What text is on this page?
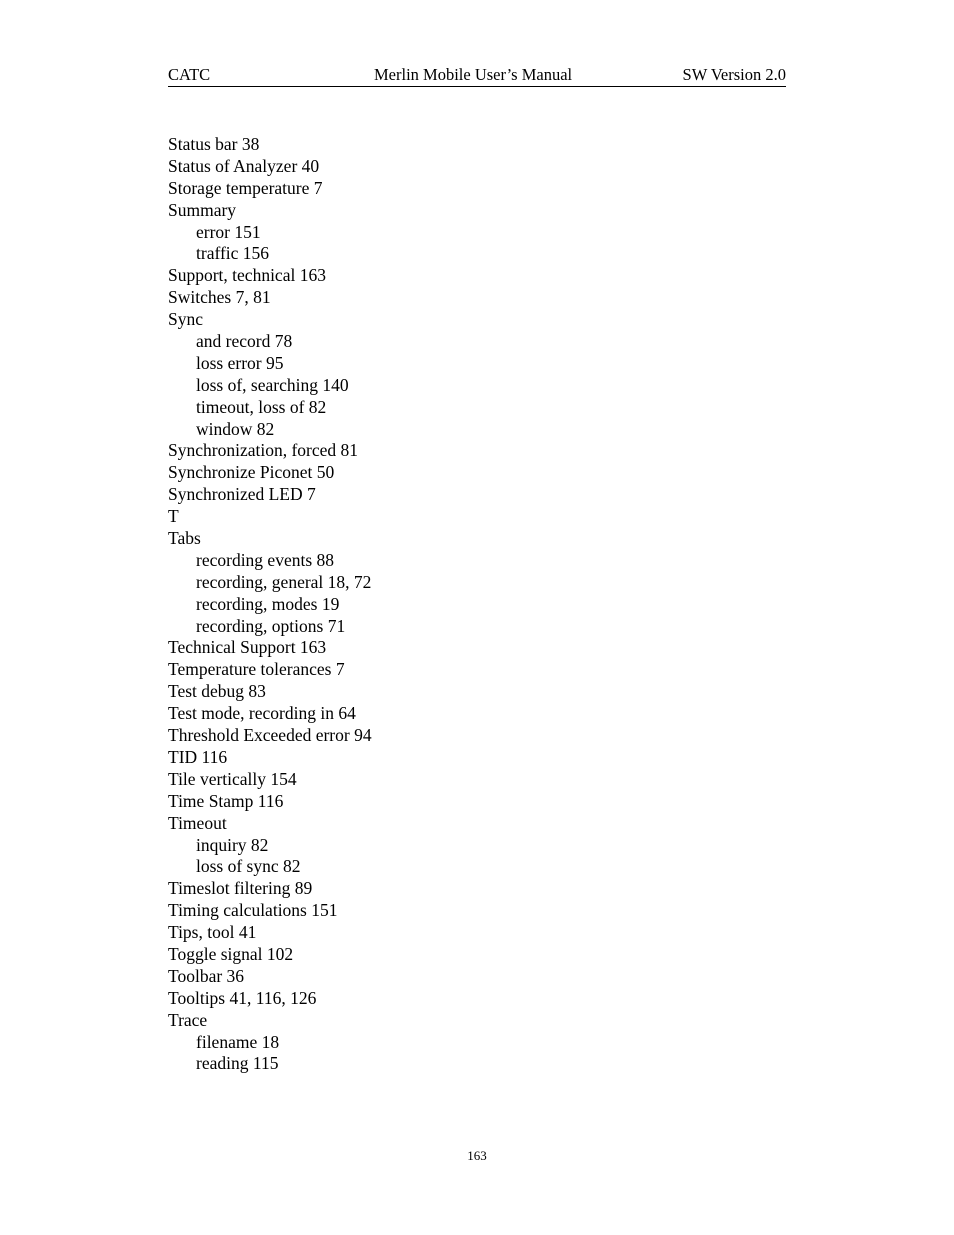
CATC	Merlin Mobile User’s Manual	SW Version 2.0
Status bar 38
Status of Analyzer 40
Storage temperature 7
Summary
error 151
traffic 156
Support, technical 163
Switches 7, 81
Sync
and record 78
loss error 95
loss of, searching 140
timeout, loss of 82
window 82
Synchronization, forced 81
Synchronize Piconet 50
Synchronized LED 7
T
Tabs
recording events 88
recording, general 18, 72
recording, modes 19
recording, options 71
Technical Support 163
Temperature tolerances 7
Test debug 83
Test mode, recording in 64
Threshold Exceeded error 94
TID 116
Tile vertically 154
Time Stamp 116
Timeout
inquiry 82
loss of sync 82
Timeslot filtering 89
Timing calculations 151
Tips, tool 41
Toggle signal 102
Toolbar 36
Tooltips 41, 116, 126
Trace
filename 18
reading 115
163
